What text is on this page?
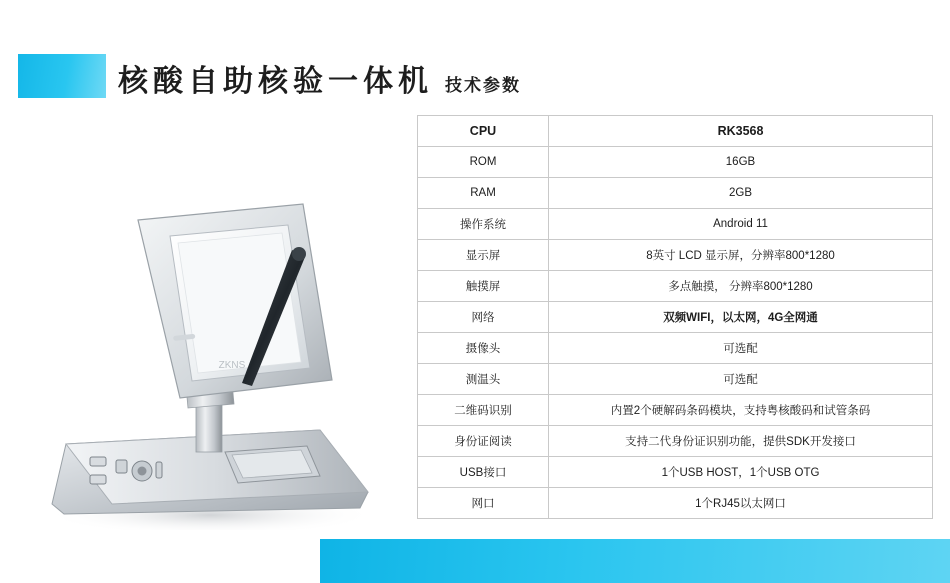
核酸自助核验一体机 技术参数
ZKNS
CPU	RK3568
ROM	16GB
RAM	2GB
操作系统	Android 11
显示屏	8英寸 LCD 显示屏，分辨率800*1280
触摸屏	多点触摸， 分辨率800*1280
网络	双频WIFI，以太网，4G全网通
摄像头	可选配
测温头	可选配
二维码识别	内置2个硬解码条码模块，支持粤核酸码和试管条码
身份证阅读	支持二代身份证识别功能，提供SDK开发接口
USB接口	1个USB HOST，1个USB OTG
网口	1个RJ45以太网口
